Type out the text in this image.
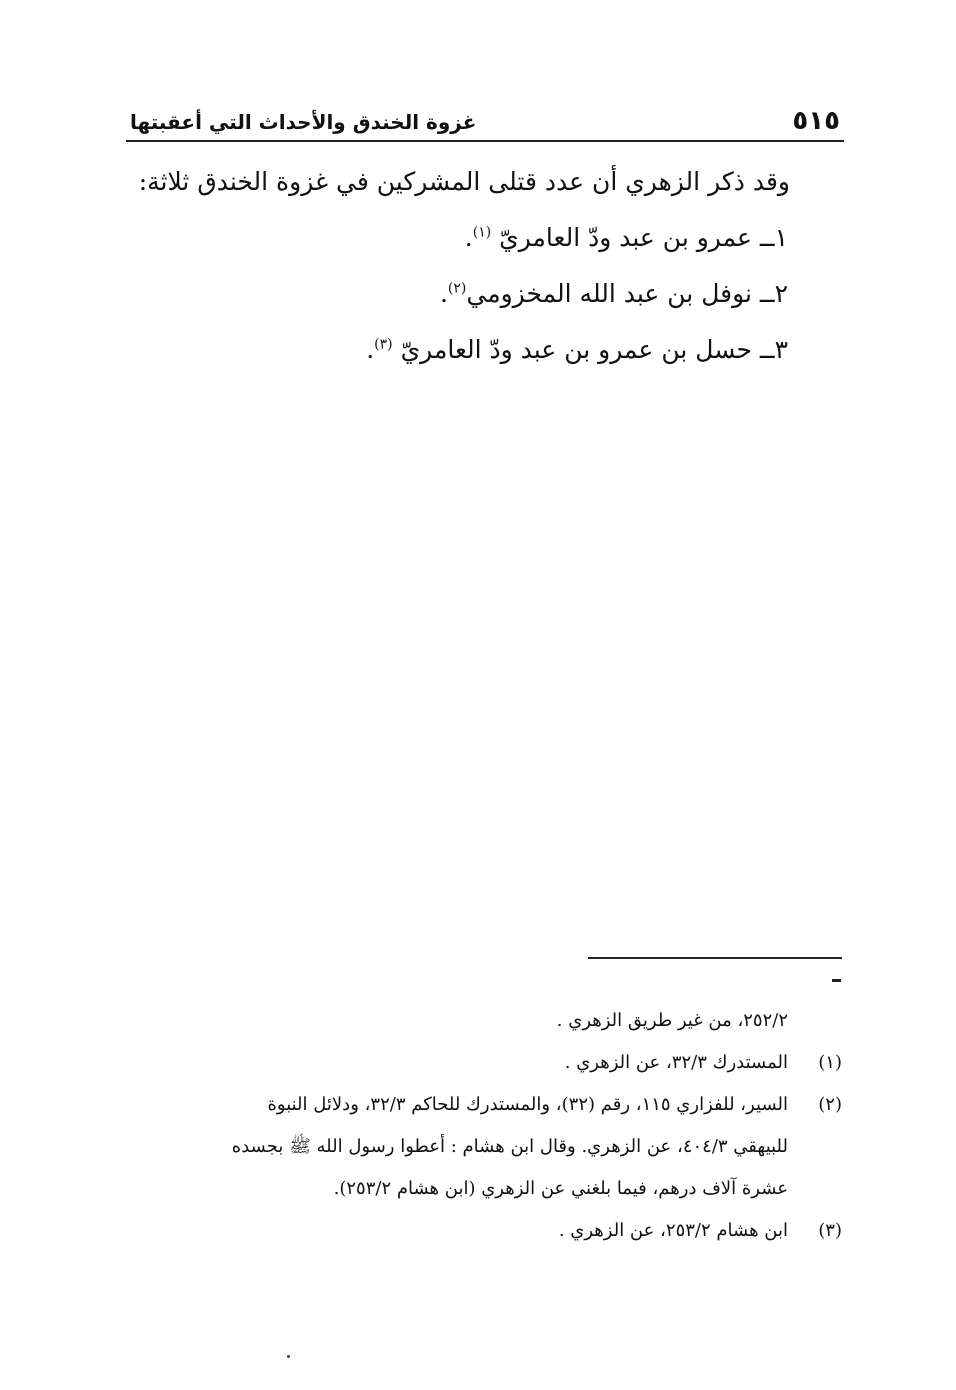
٥١٥
غزوة الخندق والأحداث التي أعقبتها
وقد ذكر الزهري أن عدد قتلى المشركين في غزوة الخندق ثلاثة:
١ــ عمرو بن عبد ودّ العامريّ $^{(١)}$.
٢ــ نوفل بن عبد الله المخزومي$^{(٢)}$.
٣ــ حسل بن عمرو بن عبد ودّ العامريّ $^{(٣)}$.
٢٥٢/٢، من غير طريق الزهري .
(١)
المستدرك ٣٢/٣، عن الزهري .
(٢)
السير، للفزاري ١١٥، رقم (٣٢)، والمستدرك للحاكم ٣٢/٣، ودلائل النبوة
للبيهقي ٤٠٤/٣، عن الزهري. وقال ابن هشام : أعطوا رسول الله ﷺ بجسده
عشرة آلاف درهم، فيما بلغني عن الزهري (ابن هشام ٢٥٣/٢).
(٣)
ابن هشام ٢٥٣/٢، عن الزهري .
